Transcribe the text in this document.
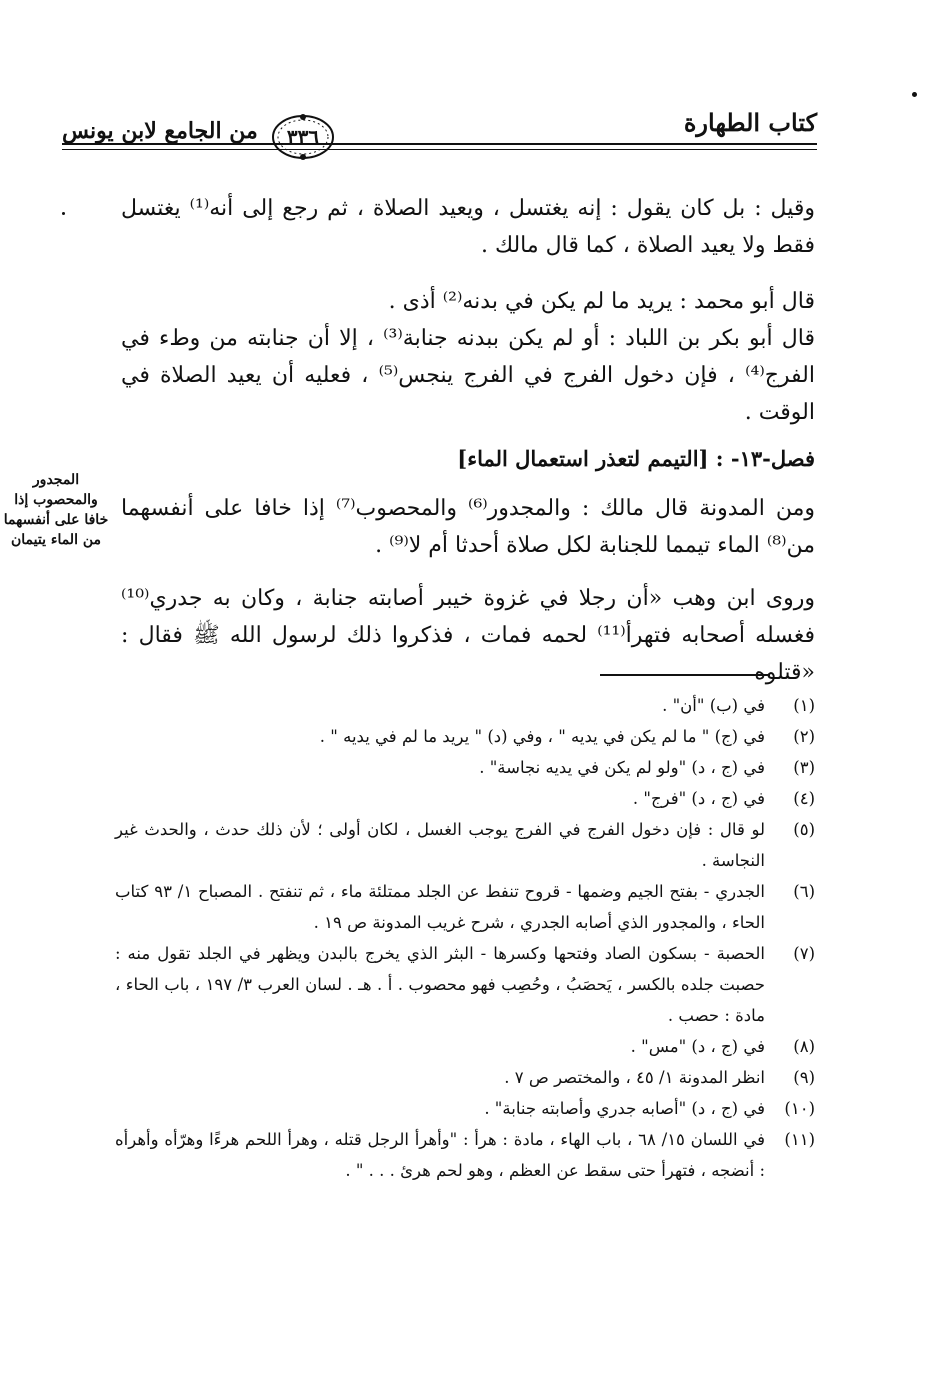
كتاب الطهارة
٣٣٦
من الجامع لابن يونس
وقيل : بل كان يقول : إنه يغتسل ، ويعيد الصلاة ، ثم رجع إلى أنه⁽¹⁾ يغتسل فقط ولا يعيد الصلاة ، كما قال مالك .
قال أبو محمد : يريد ما لم يكن في بدنه⁽²⁾ أذى .
قال أبو بكر بن اللباد : أو لم يكن ببدنه جنابة⁽³⁾ ، إلا أن جنابته من وطء في الفرج⁽⁴⁾ ، فإن دخول الفرج في الفرج ينجس⁽⁵⁾ ، فعليه أن يعيد الصلاة في الوقت .
فصل-١٣- : [التيمم لتعذر استعمال الماء]
ومن المدونة قال مالك : والمجدور⁽⁶⁾ والمحصوب⁽⁷⁾ إذا خافا على أنفسهما من⁽⁸⁾ الماء تيمما للجنابة لكل صلاة أحدثا أم لا⁽⁹⁾ .
وروى ابن وهب «أن رجلا في غزوة خيبر أصابته جنابة ، وكان به جدري⁽¹⁰⁾ فغسله أصحابه فتهرأ⁽¹¹⁾ لحمه فمات ، فذكروا ذلك لرسول الله ﷺ فقال : «قتلوه
المجدور والمحصوب إذا خافا على أنفسهما من الماء يتيمان
(١)
في (ب) "أن" .
(٢)
في (ج) " ما لم يكن في يديه " ، وفي (د) " يريد ما لم في يديه " .
(٣)
في (ج ، د) "ولو لم يكن في يديه نجاسة" .
(٤)
في (ج ، د) "فرج" .
(٥)
لو قال : فإن دخول الفرج في الفرج يوجب الغسل ، لكان أولى ؛ لأن ذلك حدث ، والحدث غير النجاسة .
(٦)
الجدري - بفتح الجيم وضمها - قروح تنفط عن الجلد ممتلئة ماء ، ثم تنفتح . المصباح ١/ ٩٣ كتاب الحاء ، والمجدور الذي أصابه الجدري ، شرح غريب المدونة ص ١٩ .
(٧)
الحصبة - بسكون الصاد وفتحها وكسرها - البثر الذي يخرج بالبدن ويظهر في الجلد تقول منه : حصبت جلده بالكسر ، يَحصَبُ ، وحُصِب فهو محصوب . أ . هـ . لسان العرب ٣/ ١٩٧ ، باب الحاء ، مادة : حصب .
(٨)
في (ج ، د) "مس" .
(٩)
انظر المدونة ١/ ٤٥ ، والمختصر ص ٧ .
(١٠)
في (ج ، د) "أصابه جدري وأصابته جنابة" .
(١١)
في اللسان ١٥/ ٦٨ ، باب الهاء ، مادة : هرأ : "وأهرأ الرجل قتله ، وهرأ اللحم هرءًا وهرّأه وأهرأه : أنضجه ، فتهرأ حتى سقط عن العظم ، وهو لحم هرئ . . . " .
